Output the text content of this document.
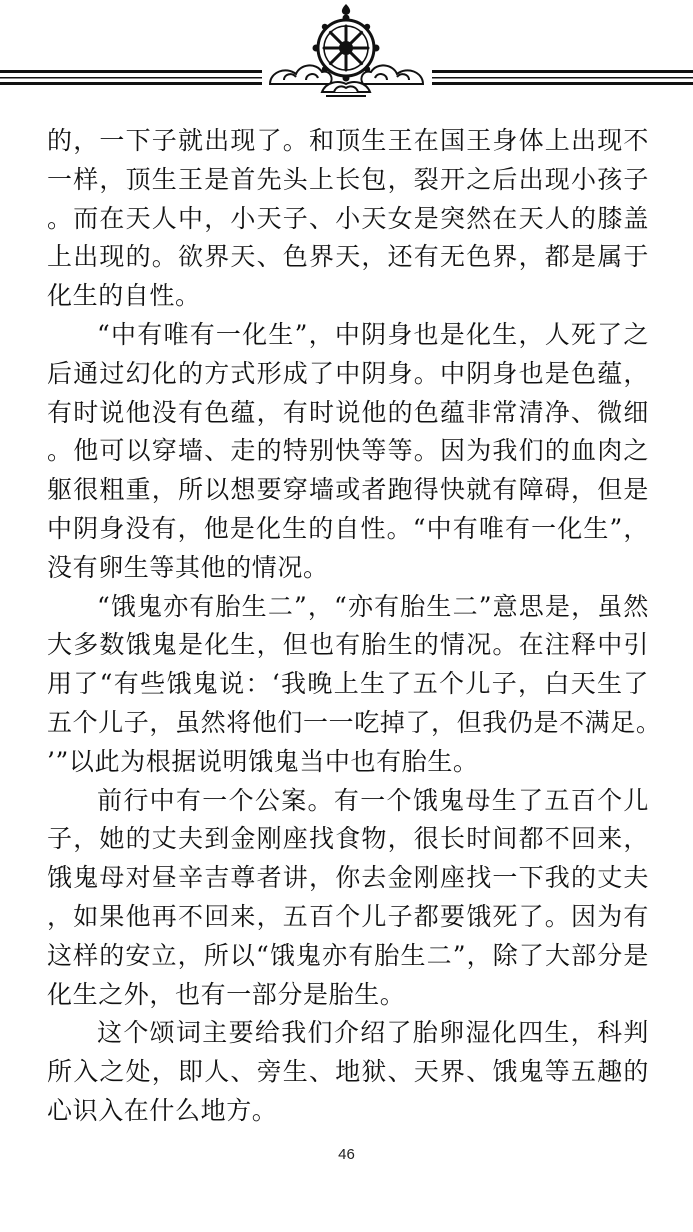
的，一下子就出现了。和顶生王在国王身体上出现不一样，顶生王是首先头上长包，裂开之后出现小孩子。而在天人中，小天子、小天女是突然在天人的膝盖上出现的。欲界天、色界天，还有无色界，都是属于化生的自性。

“中有唯有一化生”，中阴身也是化生，人死了之后通过幻化的方式形成了中阴身。中阴身也是色蕴，有时说他没有色蕴，有时说他的色蕴非常清净、微细。他可以穿墙、走的特别快等等。因为我们的血肉之躯很粗重，所以想要穿墙或者跑得快就有障碍，但是中阴身没有，他是化生的自性。“中有唯有一化生”，没有卵生等其他的情况。

“饿鬼亦有胎生二”，“亦有胎生二”意思是，虽然大多数饿鬼是化生，但也有胎生的情况。在注释中引用了“有些饿鬼说：‘我晚上生了五个儿子，白天生了五个儿子，虽然将他们一一吃掉了，但我仍是不满足。’”以此为根据说明饿鬼当中也有胎生。

前行中有一个公案。有一个饿鬼母生了五百个儿子，她的丈夫到金刚座找食物，很长时间都不回来，饿鬼母对昼辛吉尊者讲，你去金刚座找一下我的丈夫，如果他再不回来，五百个儿子都要饿死了。因为有这样的安立，所以“饿鬼亦有胎生二”，除了大部分是化生之外，也有一部分是胎生。

这个颂词主要给我们介绍了胎卵湿化四生，科判所入之处，即人、旁生、地狱、天界、饿鬼等五趣的心识入在什么地方。

46
